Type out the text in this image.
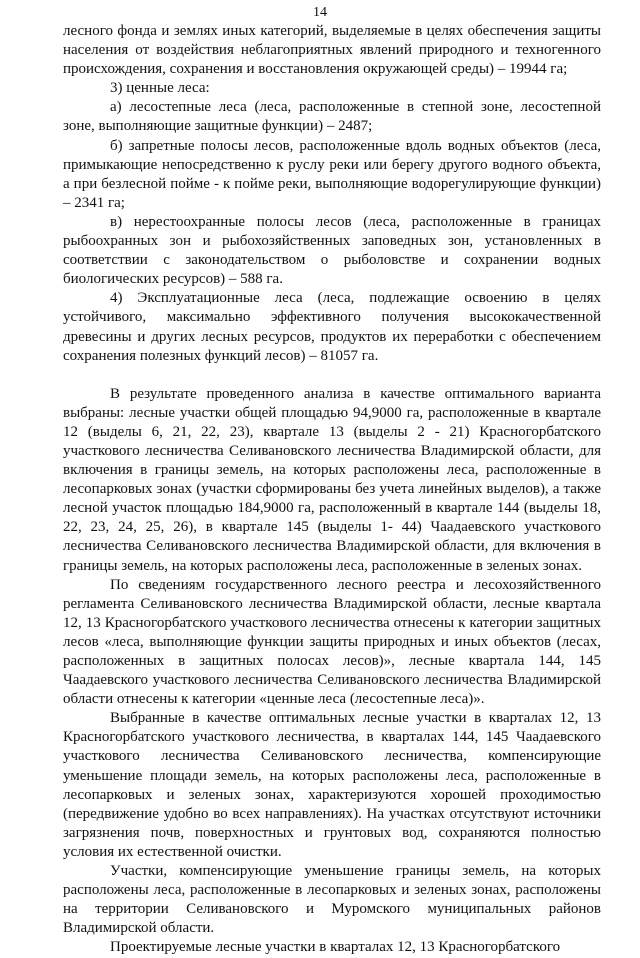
14

лесного фонда и землях иных категорий, выделяемые в целях обеспечения защиты населения от воздействия неблагоприятных явлений природного и техногенного происхождения, сохранения и восстановления окружающей среды) – 19944 га;

3) ценные леса:

а) лесостепные леса (леса, расположенные в степной зоне, лесостепной зоне, выполняющие защитные функции) – 2487;

б) запретные полосы лесов, расположенные вдоль водных объектов (леса, примыкающие непосредственно к руслу реки или берегу другого водного объекта, а при безлесной пойме - к пойме реки, выполняющие водорегулирующие функции) – 2341 га;

в) нерестоохранные полосы лесов (леса, расположенные в границах рыбоохранных зон и рыбохозяйственных заповедных зон, установленных в соответствии с законодательством о рыболовстве и сохранении водных биологических ресурсов) – 588 га.

4) Эксплуатационные леса (леса, подлежащие освоению в целях устойчивого, максимально эффективного получения высококачественной древесины и других лесных ресурсов, продуктов их переработки с обеспечением сохранения полезных функций лесов) – 81057 га.

В результате проведенного анализа в качестве оптимального варианта выбраны: лесные участки общей площадью 94,9000 га, расположенные в квартале 12 (выделы 6, 21, 22, 23), квартале 13 (выделы 2 - 21) Красногорбатского участкового лесничества Селивановского лесничества Владимирской области, для включения в границы земель, на которых расположены леса, расположенные в лесопарковых зонах (участки сформированы без учета линейных выделов), а также лесной участок площадью 184,9000 га, расположенный в квартале 144 (выделы 18, 22, 23, 24, 25, 26), в квартале 145 (выделы 1- 44) Чаадаевского участкового лесничества Селивановского лесничества Владимирской области, для включения в границы земель, на которых расположены леса, расположенные в зеленых зонах.

По сведениям государственного лесного реестра и лесохозяйственного регламента Селивановского лесничества Владимирской области, лесные квартала 12, 13 Красногорбатского участкового лесничества отнесены к категории защитных лесов «леса, выполняющие функции защиты природных и иных объектов (лесах, расположенных в защитных полосах лесов)», лесные квартала 144, 145 Чаадаевского участкового лесничества Селивановского лесничества Владимирской области отнесены к категории «ценные леса (лесостепные леса)».

Выбранные в качестве оптимальных лесные участки в кварталах 12, 13 Красногорбатского участкового лесничества, в кварталах 144, 145 Чаадаевского участкового лесничества Селивановского лесничества, компенсирующие уменьшение площади земель, на которых расположены леса, расположенные в лесопарковых и зеленых зонах, характеризуются хорошей проходимостью (передвижение удобно во всех направлениях). На участках отсутствуют источники загрязнения почв, поверхностных и грунтовых вод, сохраняются полностью условия их естественной очистки.

Участки, компенсирующие уменьшение границы земель, на которых расположены леса, расположенные в лесопарковых и зеленых зонах, расположены на территории Селивановского и Муромского муниципальных районов Владимирской области.

Проектируемые лесные участки в кварталах 12, 13 Красногорбатского
